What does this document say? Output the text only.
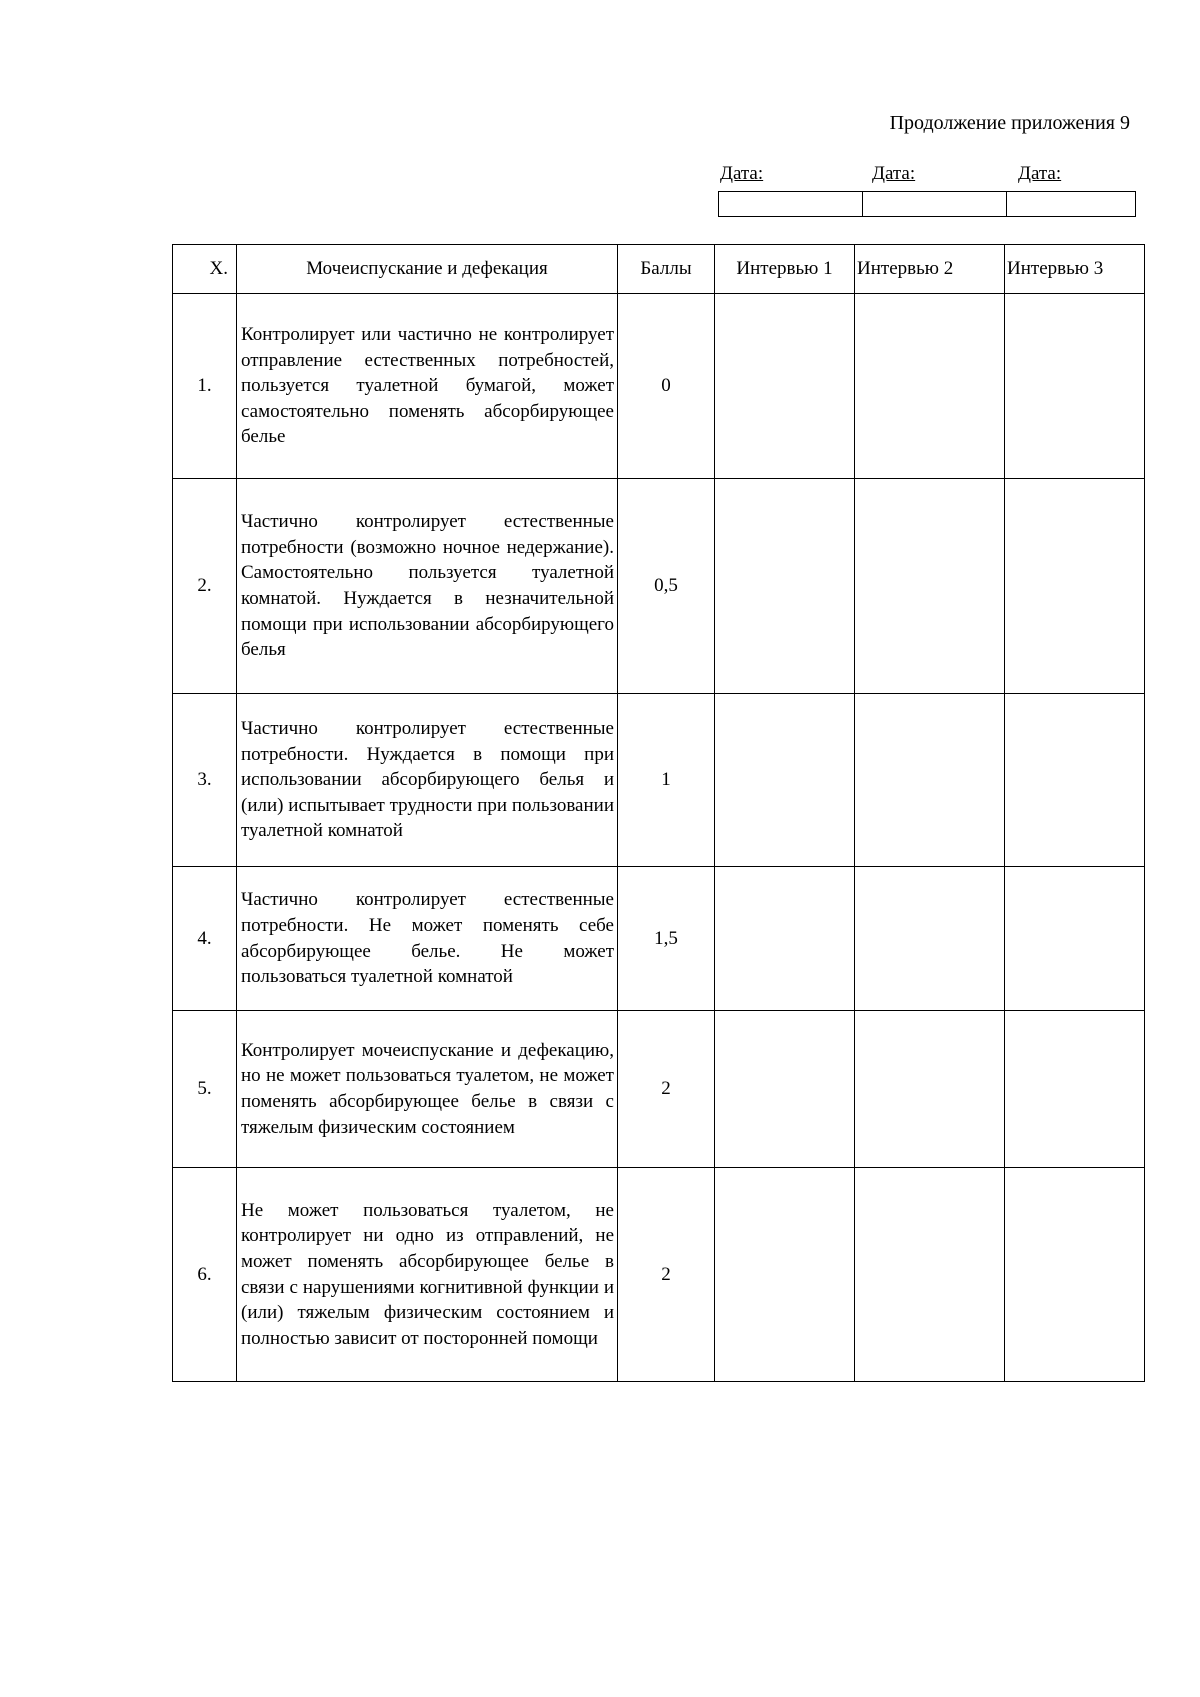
Продолжение приложения 9
Дата:	Дата:	Дата:

Х.	Мочеиспускание и дефекация	Баллы	Интервью 1	Интервью 2	Интервью 3
1.	Контролирует или частично не контролирует отправление естественных потребностей, пользуется туалетной бумагой, может самостоятельно поменять абсорбирующее белье	0			
2.	Частично контролирует естественные потребности (возможно ночное недержание). Самостоятельно пользуется туалетной комнатой. Нуждается в незначительной помощи при использовании абсорбирующего белья	0,5			
3.	Частично контролирует естественные потребности. Нуждается в помощи при использовании абсорбирующего белья и (или) испытывает трудности при пользовании туалетной комнатой	1			
4.	Частично контролирует естественные потребности. Не может поменять себе абсорбирующее белье. Не может пользоваться туалетной комнатой	1,5			
5.	Контролирует мочеиспускание и дефекацию, но не может пользоваться туалетом, не может поменять абсорбирующее белье в связи с тяжелым физическим состоянием	2			
6.	Не может пользоваться туалетом, не контролирует ни одно из отправлений, не может поменять абсорбирующее белье в связи с нарушениями когнитивной функции и (или) тяжелым физическим состоянием и полностью зависит от посторонней помощи	2			
